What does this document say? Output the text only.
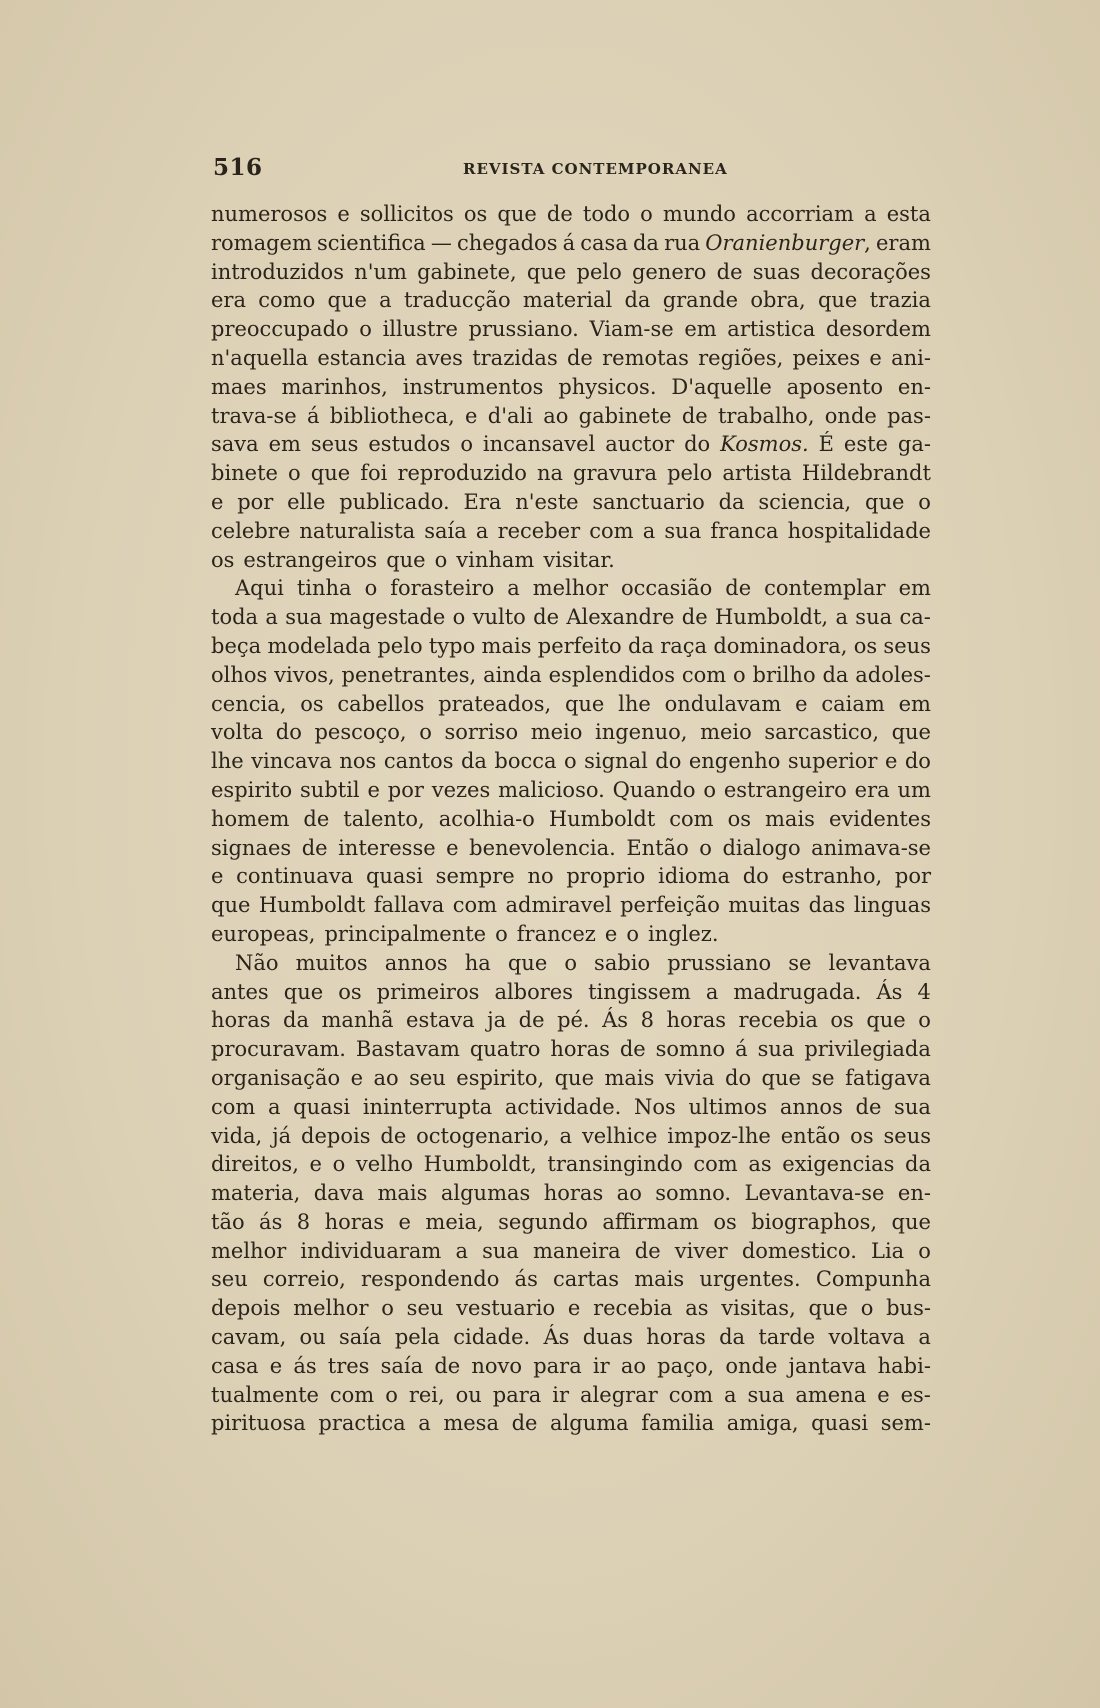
516	REVISTA CONTEMPORANEA
numerosos e sollicitos os que de todo o mundo accorriam a esta
romagem scientifica — chegados á casa da rua Oranienburger, eram
introduzidos n'um gabinete, que pelo genero de suas decorações
era como que a traducção material da grande obra, que trazia
preoccupado o illustre prussiano. Viam-se em artistica desordem
n'aquella estancia aves trazidas de remotas regiões, peixes e ani-
maes marinhos, instrumentos physicos. D'aquelle aposento en-
trava-se á bibliotheca, e d'ali ao gabinete de trabalho, onde pas-
sava em seus estudos o incansavel auctor do Kosmos. É este ga-
binete o que foi reproduzido na gravura pelo artista Hildebrandt
e por elle publicado. Era n'este sanctuario da sciencia, que o
celebre naturalista saía a receber com a sua franca hospitalidade
os estrangeiros que o vinham visitar.
Aqui tinha o forasteiro a melhor occasião de contemplar em
toda a sua magestade o vulto de Alexandre de Humboldt, a sua ca-
beça modelada pelo typo mais perfeito da raça dominadora, os seus
olhos vivos, penetrantes, ainda esplendidos com o brilho da adoles-
cencia, os cabellos prateados, que lhe ondulavam e caiam em
volta do pescoço, o sorriso meio ingenuo, meio sarcastico, que
lhe vincava nos cantos da bocca o signal do engenho superior e do
espirito subtil e por vezes malicioso. Quando o estrangeiro era um
homem de talento, acolhia-o Humboldt com os mais evidentes
signaes de interesse e benevolencia. Então o dialogo animava-se
e continuava quasi sempre no proprio idioma do estranho, por
que Humboldt fallava com admiravel perfeição muitas das linguas
europeas, principalmente o francez e o inglez.
Não muitos annos ha que o sabio prussiano se levantava
antes que os primeiros albores tingissem a madrugada. Ás 4
horas da manhã estava ja de pé. Ás 8 horas recebia os que o
procuravam. Bastavam quatro horas de somno á sua privilegiada
organisação e ao seu espirito, que mais vivia do que se fatigava
com a quasi ininterrupta actividade. Nos ultimos annos de sua
vida, já depois de octogenario, a velhice impoz-lhe então os seus
direitos, e o velho Humboldt, transingindo com as exigencias da
materia, dava mais algumas horas ao somno. Levantava-se en-
tão ás 8 horas e meia, segundo affirmam os biographos, que
melhor individuaram a sua maneira de viver domestico. Lia o
seu correio, respondendo ás cartas mais urgentes. Compunha
depois melhor o seu vestuario e recebia as visitas, que o bus-
cavam, ou saía pela cidade. Ás duas horas da tarde voltava a
casa e ás tres saía de novo para ir ao paço, onde jantava habi-
tualmente com o rei, ou para ir alegrar com a sua amena e es-
pirituosa practica a mesa de alguma familia amiga, quasi sem-
